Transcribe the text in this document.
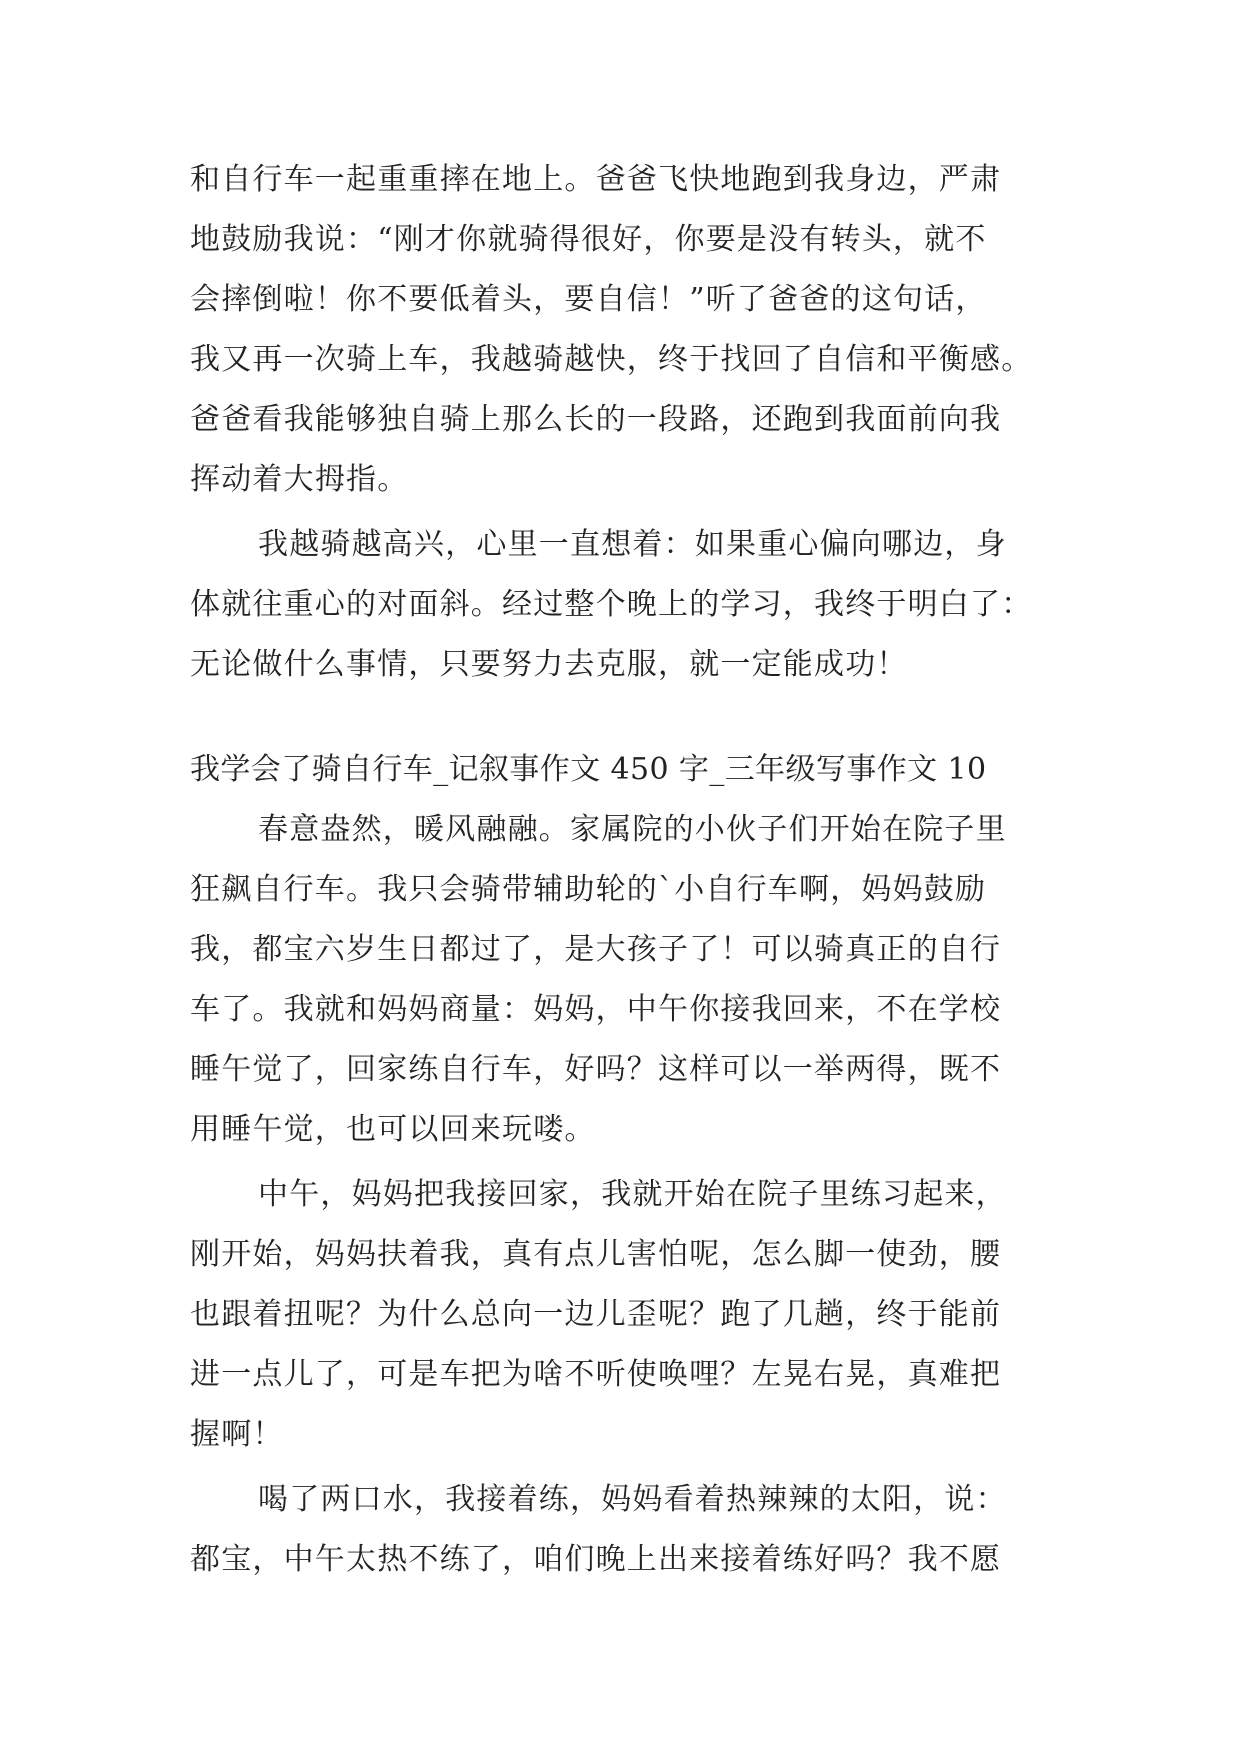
和自行车一起重重摔在地上。爸爸飞快地跑到我身边，严肃
地鼓励我说：“刚才你就骑得很好，你要是没有转头，就不
会摔倒啦！你不要低着头，要自信！”听了爸爸的这句话，
我又再一次骑上车，我越骑越快，终于找回了自信和平衡感。
爸爸看我能够独自骑上那么长的一段路，还跑到我面前向我
挥动着大拇指。
我越骑越高兴，心里一直想着：如果重心偏向哪边，身
体就往重心的对面斜。经过整个晚上的学习，我终于明白了：
无论做什么事情，只要努力去克服，就一定能成功！
我学会了骑自行车_记叙事作文 450 字_三年级写事作文 10
春意盎然，暖风融融。家属院的小伙子们开始在院子里
狂飙自行车。我只会骑带辅助轮的`小自行车啊，妈妈鼓励
我，都宝六岁生日都过了，是大孩子了！可以骑真正的自行
车了。我就和妈妈商量：妈妈，中午你接我回来，不在学校
睡午觉了，回家练自行车，好吗？这样可以一举两得，既不
用睡午觉，也可以回来玩喽。
中午，妈妈把我接回家，我就开始在院子里练习起来，
刚开始，妈妈扶着我，真有点儿害怕呢，怎么脚一使劲，腰
也跟着扭呢？为什么总向一边儿歪呢？跑了几趟，终于能前
进一点儿了，可是车把为啥不听使唤哩？左晃右晃，真难把
握啊！
喝了两口水，我接着练，妈妈看着热辣辣的太阳，说：
都宝，中午太热不练了，咱们晚上出来接着练好吗？我不愿
